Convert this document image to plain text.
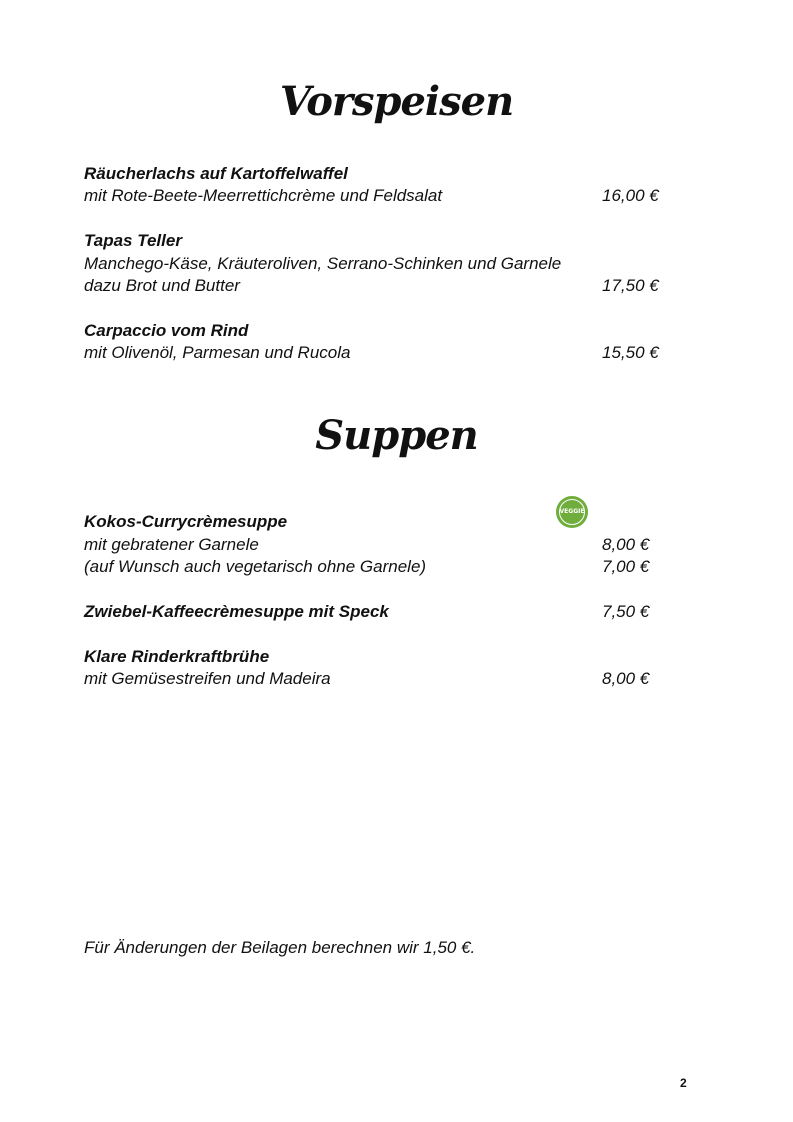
Vorspeisen
Räucherlachs auf Kartoffelwaffel
mit Rote-Beete-Meerrettichcrème und Feldsalat	16,00 €
Tapas Teller
Manchego-Käse, Kräuteroliven, Serrano-Schinken und Garnele
dazu Brot und Butter	17,50 €
Carpaccio vom Rind
mit Olivenöl, Parmesan und Rucola	15,50 €
Suppen
VEGGIE
Kokos-Currycrèmesuppe
mit gebratener Garnele	8,00 €
(auf Wunsch auch vegetarisch ohne Garnele)	7,00 €
Zwiebel-Kaffeecrèmesuppe mit Speck	7,50 €
Klare Rinderkraftbrühe
mit Gemüsestreifen und Madeira	8,00 €
Für Änderungen der Beilagen berechnen wir 1,50 €.
2
